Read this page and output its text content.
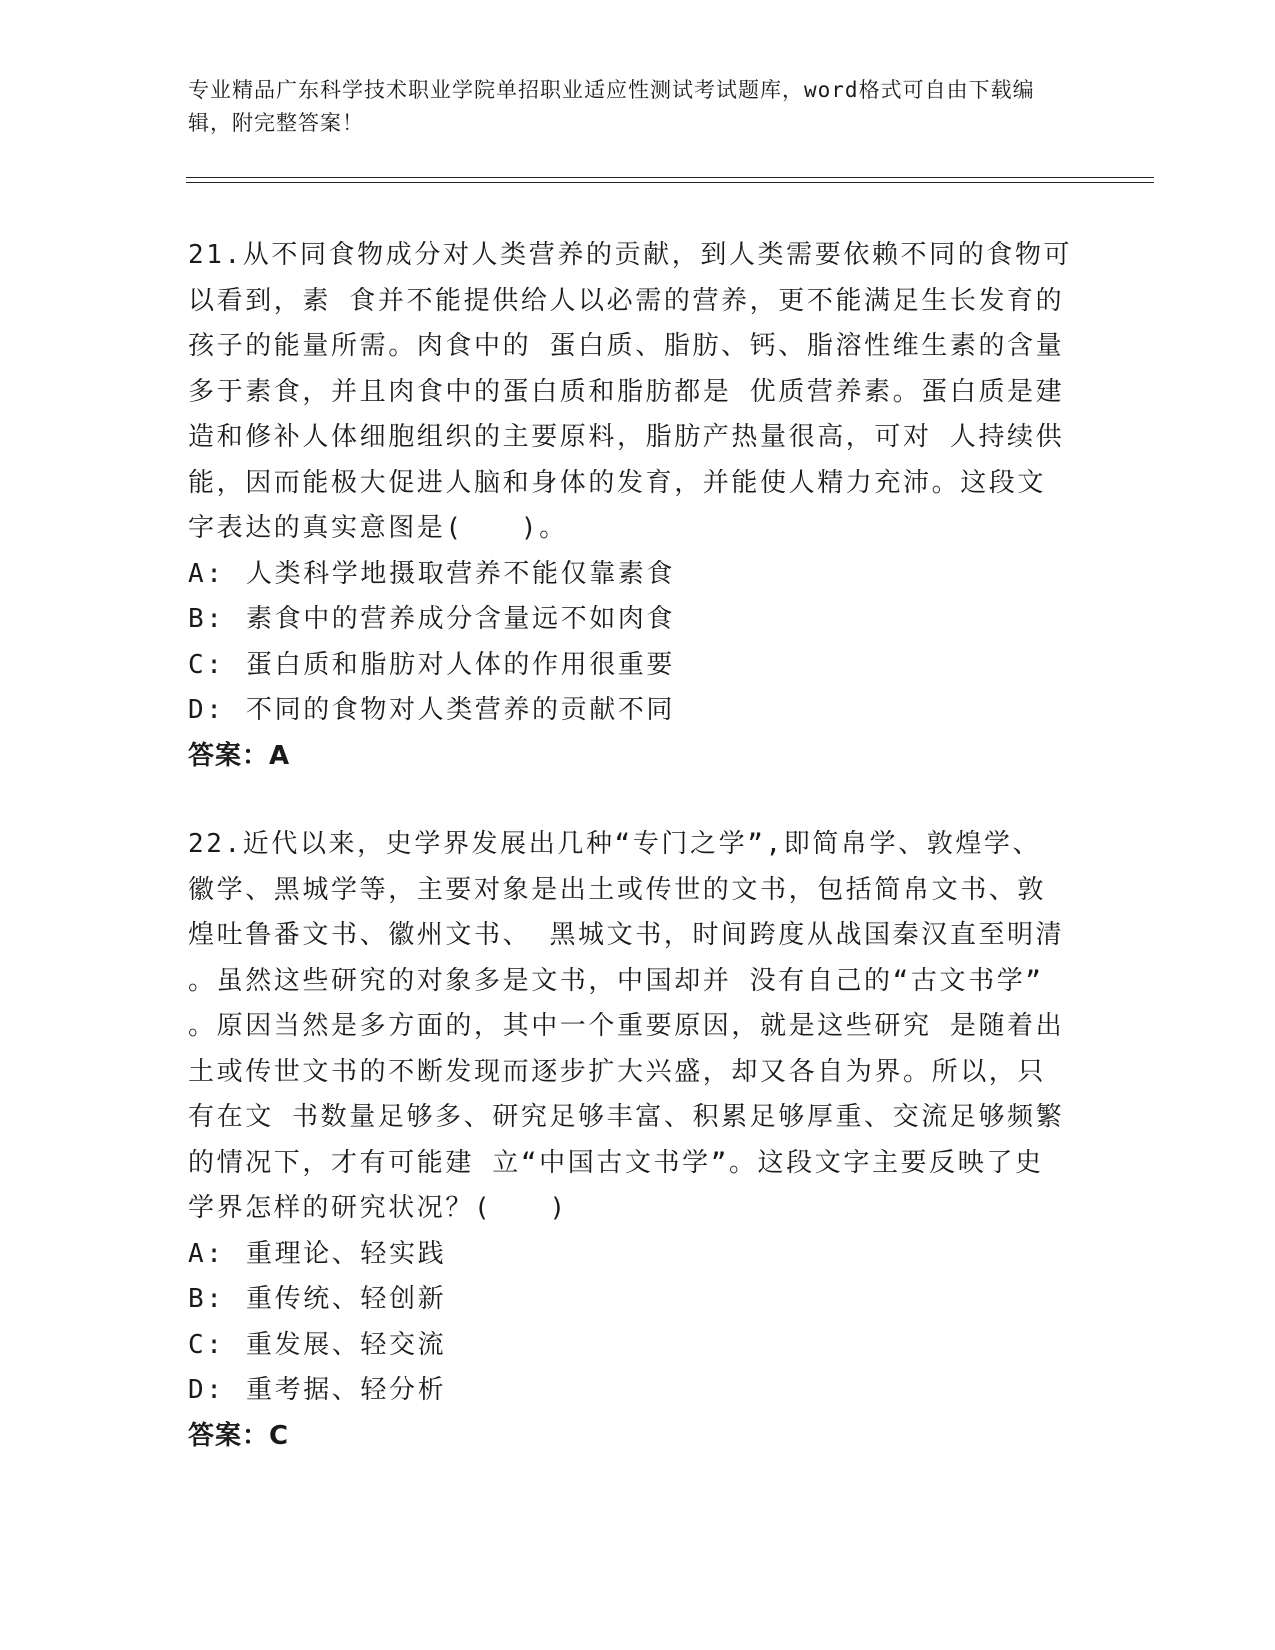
专业精品广东科学技术职业学院单招职业适应性测试考试题库，word格式可自由下载编辑，附完整答案！

21.从不同食物成分对人类营养的贡献，到人类需要依赖不同的食物可

以看到，素 食并不能提供给人以必需的营养，更不能满足生长发育的

孩子的能量所需。肉食中的 蛋白质、脂肪、钙、脂溶性维生素的含量

多于素食，并且肉食中的蛋白质和脂肪都是 优质营养素。蛋白质是建

造和修补人体细胞组织的主要原料，脂肪产热量很高，可对 人持续供

能，因而能极大促进人脑和身体的发育，并能使人精力充沛。这段文

字表达的真实意图是(　　)。

A: 人类科学地摄取营养不能仅靠素食
B: 素食中的营养成分含量远不如肉食
C: 蛋白质和脂肪对人体的作用很重要
D: 不同的食物对人类营养的贡献不同

答案：A

22.近代以来，史学界发展出几种“专门之学”,即简帛学、敦煌学、

徽学、黑城学等，主要对象是出土或传世的文书，包括简帛文书、敦

煌吐鲁番文书、徽州文书、 黑城文书，时间跨度从战国秦汉直至明清

。虽然这些研究的对象多是文书，中国却并 没有自己的“古文书学”

。原因当然是多方面的，其中一个重要原因，就是这些研究 是随着出

土或传世文书的不断发现而逐步扩大兴盛，却又各自为界。所以，只

有在文 书数量足够多、研究足够丰富、积累足够厚重、交流足够频繁

的情况下，才有可能建 立“中国古文书学”。这段文字主要反映了史

学界怎样的研究状况？(　　)

A: 重理论、轻实践
B: 重传统、轻创新
C: 重发展、轻交流
D: 重考据、轻分析

答案：C
